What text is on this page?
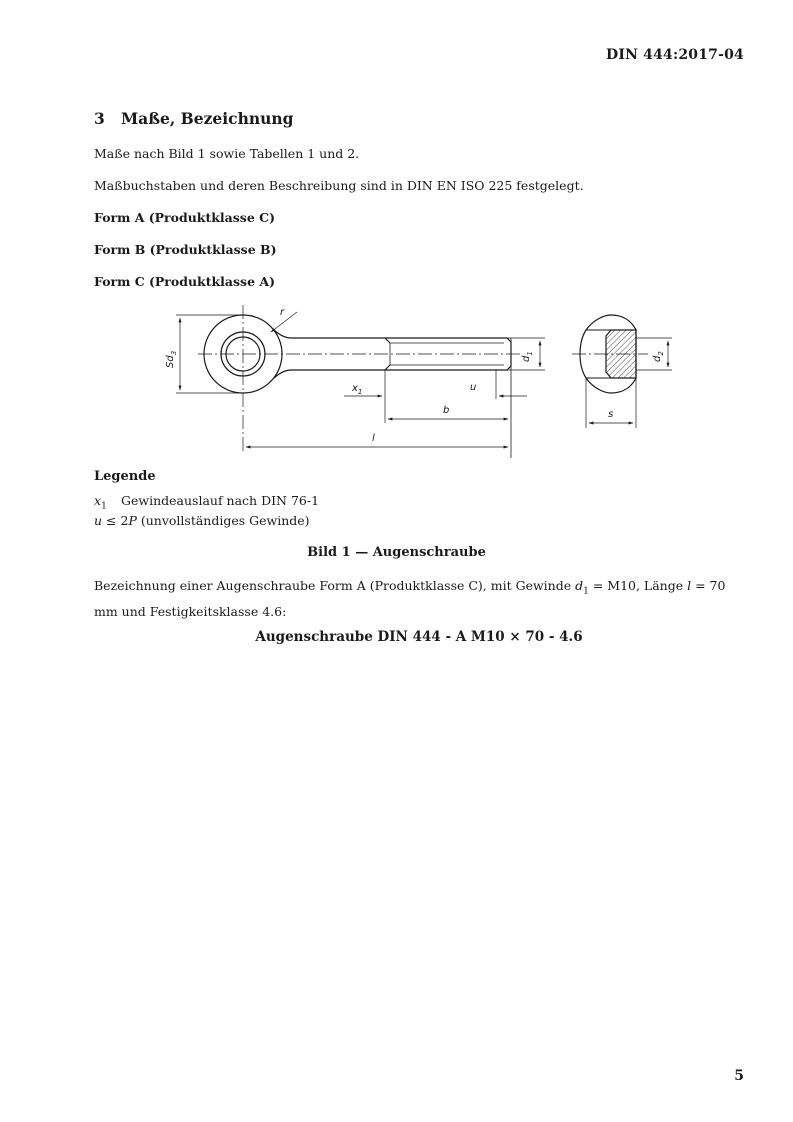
DIN 444:2017-04
3 Maße, Bezeichnung
Maße nach Bild 1 sowie Tabellen 1 und 2.
Maßbuchstaben und deren Beschreibung sind in DIN EN ISO 225 festgelegt.
Form A (Produktklasse C)
Form B (Produktklasse B)
Form C (Produktklasse A)
r
$Sd_3$
$d_1$
$x_1$	u
b
l
$d_2$
s
Legende
$x_1$ Gewindeauslauf nach DIN 76-1
u ≤ 2P (unvollständiges Gewinde)
Bild 1 — Augenschraube
Bezeichnung einer Augenschraube Form A (Produktklasse C), mit Gewinde $d_1 = M10$, Länge l = 70 mm und Festigkeitsklasse 4.6:
Augenschraube DIN 444 - A M10 × 70 - 4.6
5
